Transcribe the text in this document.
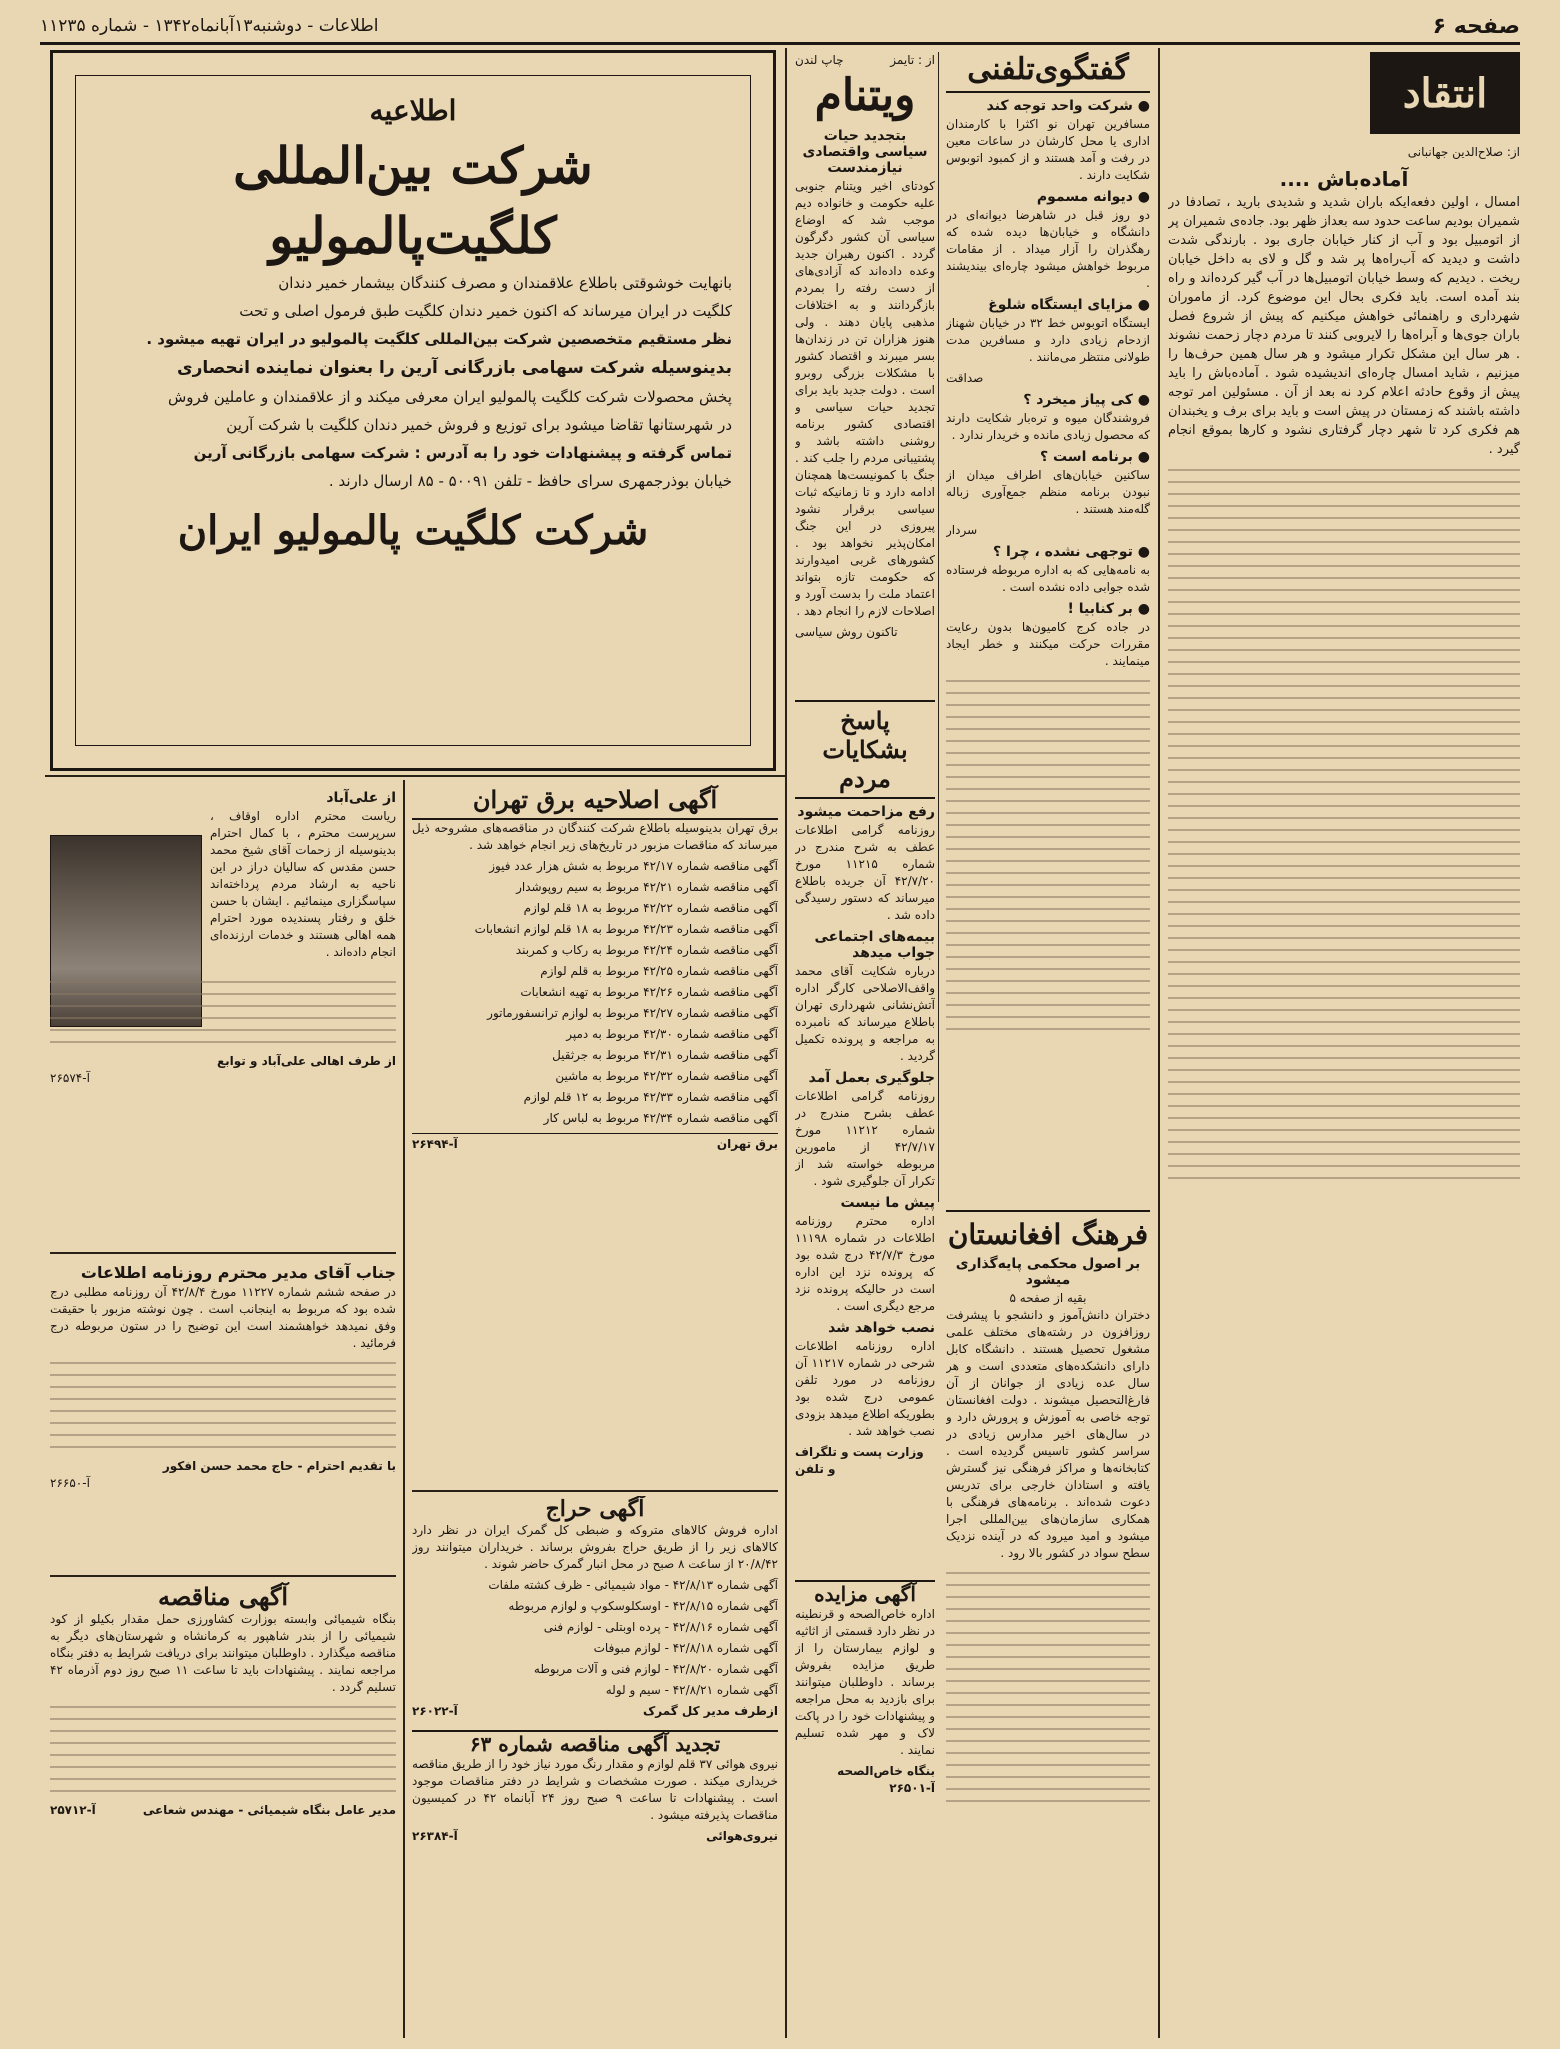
صفحه ۶
اطلاعات - دوشنبه۱۳آبانماه۱۳۴۲ - شماره ۱۱۲۳۵
انتقاد
از: صلاح‌الدین جهانبانی
آماده‌باش ....

امسال ، اولین دفعه‌ایکه باران شدید و شدیدی بارید ، تصادفا در شمیران بودیم ساعت حدود سه بعداز ظهر بود. جاده‌ی شمیران پر از اتومبیل بود و آب از کنار خیابان جاری بود . بارندگی شدت داشت و دیدید که آب‌راه‌ها پر شد و گل و لای به داخل خیابان ریخت . دیدیم که وسط خیابان اتومبیل‌ها در آب گیر کرده‌اند و راه بند آمده است. باید فکری بحال این موضوع کرد. از ماموران شهرداری و راهنمائی خواهش میکنیم که پیش از شروع فصل باران جوی‌ها و آبراه‌ها را لایروبی کنند تا مردم دچار زحمت نشوند . هر سال این مشکل تکرار میشود و هر سال همین حرف‌ها را میزنیم ، شاید امسال چاره‌ای اندیشیده شود . آماده‌باش را باید پیش از وقوع حادثه اعلام کرد نه بعد از آن . مسئولین امر توجه داشته باشند که زمستان در پیش است و باید برای برف و یخبندان هم فکری کرد تا شهر دچار گرفتاری نشود و کارها بموقع انجام گیرد .

گفتگوی‌تلفنی
● شرکت واحد توجه کند

مسافرین تهران نو اکثرا با کارمندان اداری یا محل کارشان در ساعات معین در رفت و آمد هستند و از کمبود اتوبوس شکایت دارند .

● دیوانه مسموم

دو روز قبل در شاهرضا دیوانه‌ای در دانشگاه و خیابان‌ها دیده شده که رهگذران را آزار میداد . از مقامات مربوط خواهش میشود چاره‌ای بیندیشند .

● مزایای ایستگاه شلوغ

ایستگاه اتوبوس خط ۳۲ در خیابان شهناز ازدحام زیادی دارد و مسافرین مدت طولانی منتظر می‌مانند .

صداقت
● کی پیاز میخرد ؟

فروشندگان میوه و تره‌بار شکایت دارند که محصول زیادی مانده و خریدار ندارد .

● برنامه است ؟

ساکنین خیابان‌های اطراف میدان از نبودن برنامه منظم جمع‌آوری زباله گله‌مند هستند .

سردار
● توجهی نشده ، چرا ؟

به نامه‌هایی که به اداره مربوطه فرستاده شده جوابی داده نشده است .

● بر کنابیا !

در جاده کرج کامیون‌ها بدون رعایت مقررات حرکت میکنند و خطر ایجاد مینمایند .

از : تایمز
چاپ لندن
ویتنام
بتجدید حیات سیاسی واقتصادی نیازمندست

کودتای اخیر ویتنام جنوبی علیه حکومت و خانواده دیم موجب شد که اوضاع سیاسی آن کشور دگرگون گردد . اکنون رهبران جدید وعده داده‌اند که آزادی‌های از دست رفته را بمردم بازگردانند و به اختلافات مذهبی پایان دهند . ولی هنوز هزاران تن در زندان‌ها بسر میبرند و اقتصاد کشور با مشکلات بزرگی روبرو است . دولت جدید باید برای تجدید حیات سیاسی و اقتصادی کشور برنامه روشنی داشته باشد و پشتیبانی مردم را جلب کند . جنگ با کمونیست‌ها همچنان ادامه دارد و تا زمانیکه ثبات سیاسی برقرار نشود پیروزی در این جنگ امکان‌پذیر نخواهد بود . کشورهای غربی امیدوارند که حکومت تازه بتواند اعتماد ملت را بدست آورد و اصلاحات لازم را انجام دهد .

تاکنون روش سیاسی
پاسخ بشکایات مردم
رفع مزاحمت میشود

روزنامه گرامی اطلاعات عطف به شرح مندرج در شماره ۱۱۲۱۵ مورخ ۴۲/۷/۲۰ آن جریده باطلاع میرساند که دستور رسیدگی داده شد .

بیمه‌های اجتماعی جواب میدهد

درباره شکایت آقای محمد واقف‌الاصلاحی کارگر اداره آتش‌نشانی شهرداری تهران باطلاع میرساند که نامبرده به مراجعه و پرونده تکمیل گردید .

جلوگیری بعمل آمد

روزنامه گرامی اطلاعات عطف بشرح مندرج در شماره ۱۱۲۱۲ مورخ ۴۲/۷/۱۷ از مامورین مربوطه خواسته شد از تکرار آن جلوگیری شود .

پیش ما نیست

اداره محترم روزنامه اطلاعات در شماره ۱۱۱۹۸ مورخ ۴۲/۷/۳ درج شده بود که پرونده نزد این اداره است در حالیکه پرونده نزد مرجع دیگری است .

نصب خواهد شد

اداره روزنامه اطلاعات شرحی در شماره ۱۱۲۱۷ آن روزنامه در مورد تلفن عمومی درج شده بود بطوریکه اطلاع میدهد بزودی نصب خواهد شد .

وزارت پست و تلگراف و تلفن
فرهنگ افغانستان
بر اصول محکمی پایه‌گذاری میشود
بقیه از صفحه ۵

دختران دانش‌آموز و دانشجو با پیشرفت روزافزون در رشته‌های مختلف علمی مشغول تحصیل هستند . دانشگاه کابل دارای دانشکده‌های متعددی است و هر سال عده زیادی از جوانان از آن فارغ‌التحصیل میشوند . دولت افغانستان توجه خاصی به آموزش و پرورش دارد و در سال‌های اخیر مدارس زیادی در سراسر کشور تاسیس گردیده است . کتابخانه‌ها و مراکز فرهنگی نیز گسترش یافته و استادان خارجی برای تدریس دعوت شده‌اند . برنامه‌های فرهنگی با همکاری سازمان‌های بین‌المللی اجرا میشود و امید میرود که در آینده نزدیک سطح سواد در کشور بالا رود .

اطلاعیه
شرکت بین‌المللی کلگیت‌پالمولیو

بانهایت خوشوقتی باطلاع علاقمندان و مصرف کنندگان بیشمار خمیر دندان

کلگیت در ایران میرساند که اکنون خمیر دندان کلگیت طبق فرمول اصلی و تحت

نظر مستقیم متخصصین شرکت بین‌المللی کلگیت پالمولیو در ایران تهیه میشود .

بدینوسیله شرکت سهامی بازرگانی آرین را بعنوان نماینده انحصاری

پخش محصولات شرکت کلگیت پالمولیو ایران معرفی میکند و از علاقمندان و عاملین فروش

در شهرستانها تقاضا میشود برای توزیع و فروش خمیر دندان کلگیت با شرکت آرین

تماس گرفته و پیشنهادات خود را به آدرس : شرکت سهامی بازرگانی آرین

خیابان بوذرجمهری سرای حافظ - تلفن ۵۰۰۹۱ - ۸۵ ارسال دارند .

شرکت کلگیت پالمولیو ایران
آگهی اصلاحیه برق تهران

برق تهران بدینوسیله باطلاع شرکت کنندگان در مناقصه‌های مشروحه ذیل میرساند که مناقصات مزبور در تاریخ‌های زیر انجام خواهد شد .

آگهی مناقصه شماره ۴۲/۱۷ مربوط به شش هزار عدد فیوز

آگهی مناقصه شماره ۴۲/۲۱ مربوط به سیم روپوشدار

آگهی مناقصه شماره ۴۲/۲۲ مربوط به ۱۸ قلم لوازم

آگهی مناقصه شماره ۴۲/۲۳ مربوط به ۱۸ قلم لوازم انشعابات

آگهی مناقصه شماره ۴۲/۲۴ مربوط به رکاب و کمربند

آگهی مناقصه شماره ۴۲/۲۵ مربوط به قلم لوازم

آگهی مناقصه شماره ۴۲/۲۶ مربوط به تهیه انشعابات

آگهی مناقصه شماره ۴۲/۲۷ مربوط به لوازم ترانسفورماتور

آگهی مناقصه شماره ۴۲/۳۰ مربوط به دمپر

آگهی مناقصه شماره ۴۲/۳۱ مربوط به جرثقیل

آگهی مناقصه شماره ۴۲/۳۲ مربوط به ماشین

آگهی مناقصه شماره ۴۲/۳۳ مربوط به ۱۲ قلم لوازم

آگهی مناقصه شماره ۴۲/۳۴ مربوط به لباس کار

برق تهران
آ-۲۶۴۹۴
آگهی حراج

اداره فروش کالاهای متروکه و ضبطی کل گمرک ایران در نظر دارد کالاهای زیر را از طریق حراج بفروش برساند . خریداران میتوانند روز ۲۰/۸/۴۲ از ساعت ۸ صبح در محل انبار گمرک حاضر شوند .

آگهی شماره ۴۲/۸/۱۳ - مواد شیمیائی - ظرف کشته ملفات

آگهی شماره ۴۲/۸/۱۵ - اوسکلوسکوپ و لوازم مربوطه

آگهی شماره ۴۲/۸/۱۶ - پرده اوبتلی - لوازم فنی

آگهی شماره ۴۲/۸/۱۸ - لوازم مبوفات

آگهی شماره ۴۲/۸/۲۰ - لوازم فنی و آلات مربوطه

آگهی شماره ۴۲/۸/۲۱ - سیم و لوله

ازطرف مدیر کل گمرک
آ-۲۶۰۲۲
تجدید آگهی مناقصه شماره ۶۳

نیروی هوائی ۳۷ قلم لوازم و مقدار رنگ مورد نیاز خود را از طریق مناقصه خریداری میکند . صورت مشخصات و شرایط در دفتر مناقصات موجود است . پیشنهادات تا ساعت ۹ صبح روز ۲۴ آبانماه ۴۲ در کمیسیون مناقصات پذیرفته میشود .

نیروی‌هوائی
آ-۲۶۳۸۴
آگهی مزایده

اداره خاص‌الصحه و قرنطینه در نظر دارد قسمتی از اثاثیه و لوازم بیمارستان را از طریق مزایده بفروش برساند . داوطلبان میتوانند برای بازدید به محل مراجعه و پیشنهادات خود را در پاکت لاک و مهر شده تسلیم نمایند .

بنگاه خاص‌الصحه
آ-۲۶۵۰۱
از علی‌آباد

ریاست محترم اداره اوقاف ، سرپرست محترم ، با کمال احترام بدینوسیله از زحمات آقای شیخ محمد حسن مقدس که سالیان دراز در این ناحیه به ارشاد مردم پرداخته‌اند سپاسگزاری مینمائیم . ایشان با حسن خلق و رفتار پسندیده مورد احترام همه اهالی هستند و خدمات ارزنده‌ای انجام داده‌اند .

از طرف اهالی علی‌آباد و توابع
آ-۲۶۵۷۴
جناب آقای مدیر محترم روزنامه اطلاعات

در صفحه ششم شماره ۱۱۲۲۷ مورخ ۴۲/۸/۴ آن روزنامه مطلبی درج شده بود که مربوط به اینجانب است . چون نوشته مزبور با حقیقت وفق نمیدهد خواهشمند است این توضیح را در ستون مربوطه درج فرمائید .

با تقدیم احترام - حاج محمد حسن افکور
آ-۲۶۶۵۰
آگهی مناقصه

بنگاه شیمیائی وابسته بوزارت کشاورزی حمل مقدار بکیلو از کود شیمیائی را از بندر شاهپور به کرمانشاه و شهرستان‌های دیگر به مناقصه میگذارد . داوطلبان میتوانند برای دریافت شرایط به دفتر بنگاه مراجعه نمایند . پیشنهادات باید تا ساعت ۱۱ صبح روز دوم آذرماه ۴۲ تسلیم گردد .

مدیر عامل بنگاه شیمیائی - مهندس شعاعی
آ-۲۵۷۱۲
